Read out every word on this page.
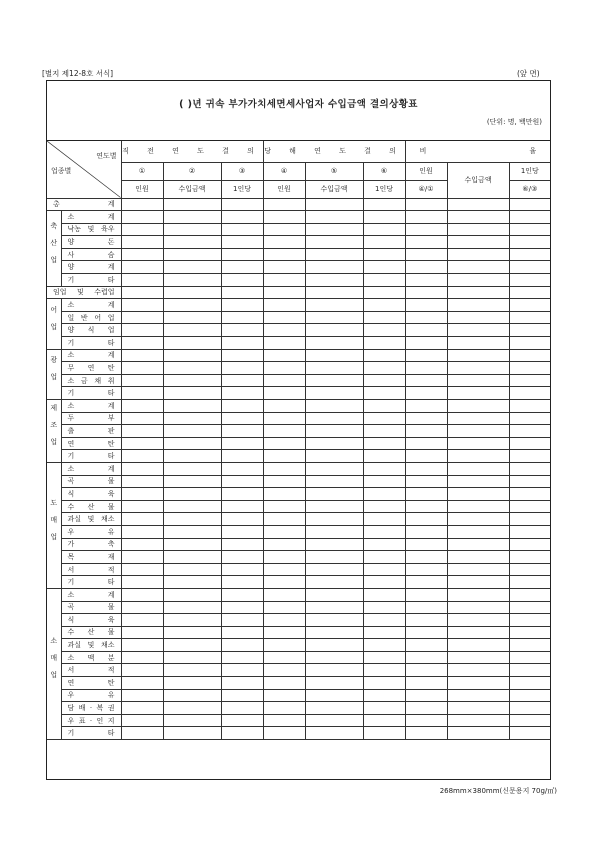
[별지 제12-8호 서식]	(앞 면)
( )년 귀속 부가가치세면세사업자 수입금액 결의상황표
(단위: 명, 백만원)
연도별
업종별		직 전 연 도 결 의			당 해 연 도 결 의			비 율		

		①	②	③	④	⑤	⑥	인원	수입금액	1인당
		인원	수입금액	1인당	인원	수입금액	1인당	④/①		⑥/③
총 계										
축산업	소 계									
	낙농 및 육우									
	양 돈									
	사 슴									
	양 계									
	기 타									
임업 및 수렵업										
어업	소 계									
	일 반 어 업									
	양 식 업									
	기 타									
광업	소 계									
	무 연 탄									
	소 금 채 취									
	기 타									
제조업	소 계									
	두 부									
	출 판									
	연 탄									
	기 타									
도매업	소 계									
	곡 물									
	식 육									
	수 산 물									
	과실 및 채소									
	우 유									
	가 축									
	목 재									
	서 적									
	기 타									
소매업	소 계									
	곡 물									
	식 육									
	수 산 물									
	과실 및 채소									
	소 맥 분									
	서 적									
	연 탄									
	우 유									
	담 배 · 복 권									
	우 표 · 인 지									
	기 타									
268mm×380mm(신문용지 70g/㎡)
